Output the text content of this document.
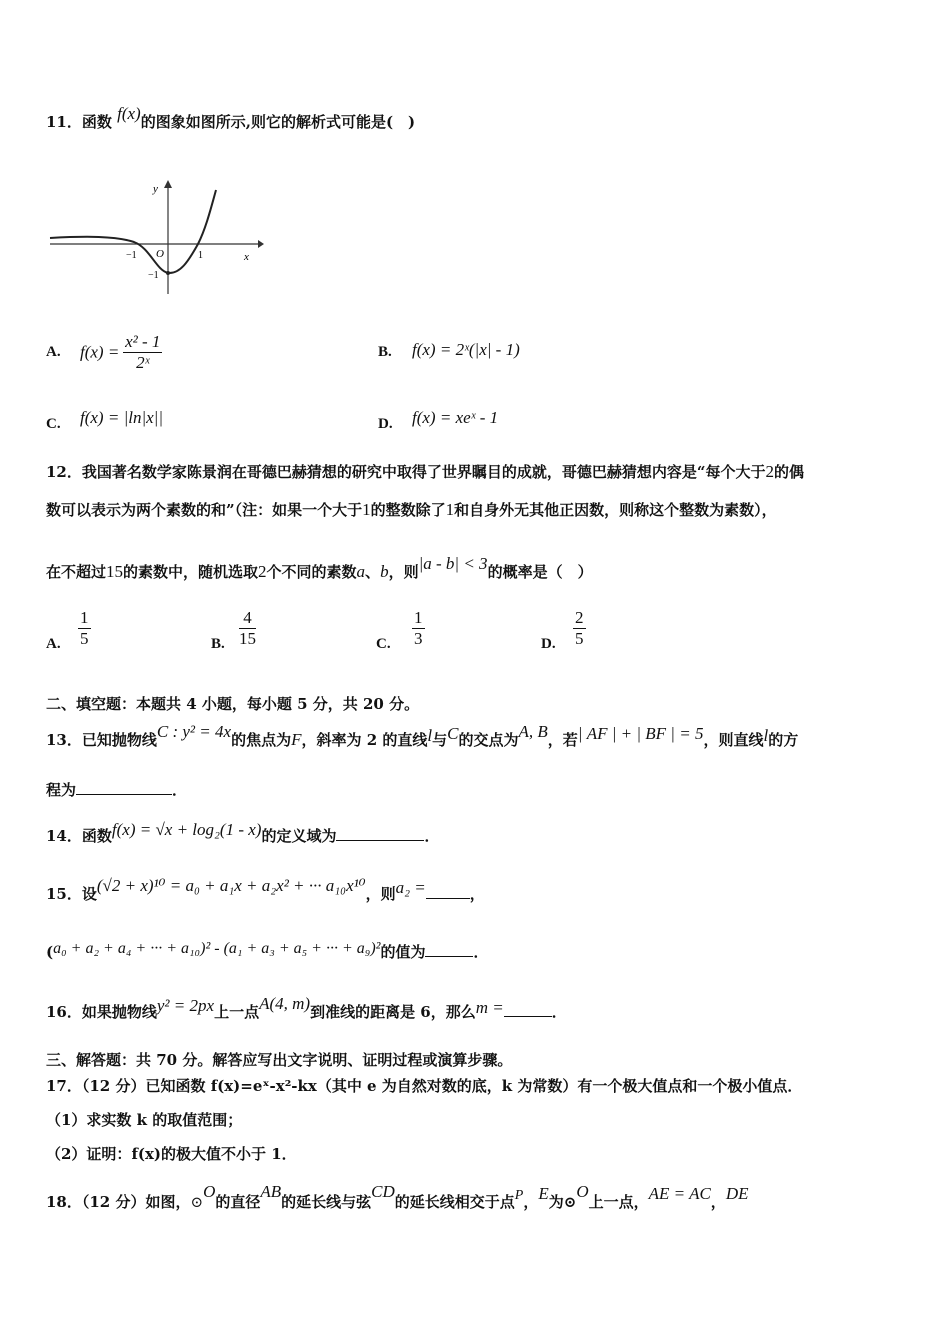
11．函数 f(x)的图象如图所示,则它的解析式可能是(　)
y
x
O
−1	1
−1
A. $f(x) = \frac{\text{x² - 1}}{\text{2ˣ}}$	B. f(x) = 2ˣ(|x| - 1)
C. f(x) = |ln|x||	D. f(x) = xeˣ - 1
12．我国著名数学家陈景润在哥德巴赫猜想的研究中取得了世界瞩目的成就，哥德巴赫猜想内容是“每个大于2的偶
数可以表示为两个素数的和”（注：如果一个大于1的整数除了1和自身外无其他正因数，则称这个整数为素数），
在不超过15的素数中，随机选取2个不同的素数a、b，则|a - b| < 3的概率是（　）
A. $\frac{1}{5}$	B. $\frac{4}{15}$	C. $\frac{1}{3}$	D. $\frac{2}{5}$
二、填空题：本题共 4 小题，每小题 5 分，共 20 分。
13．已知抛物线C : y² = 4x的焦点为F，斜率为 2 的直线l与C的交点为A, B，若| AF | + | BF | = 5，则直线l的方
程为	．
14．函数f(x) = √x + log₂(1 - x)的定义域为	．
15．设(√2 + x)¹⁰ = a₀ + a₁x + a₂x² + ··· a₁₀x¹⁰，则a₂ =	，
(a₀ + a₂ + a₄ + ··· + a₁₀)² - (a₁ + a₃ + a₅ + ··· + a₉)²的值为	．
16．如果抛物线y² = 2px上一点A(4, m)到准线的距离是 6，那么m =	．
三、解答题：共 70 分。解答应写出文字说明、证明过程或演算步骤。
17．（12 分）已知函数 f(x)=eˣ-x²-kx（其中 e 为自然对数的底，k 为常数）有一个极大值点和一个极小值点．
（1）求实数 k 的取值范围；
（2）证明：f(x)的极大值不小于 1．
18．（12 分）如图，⊙O的直径AB的延长线与弦CD的延长线相交于点P，E为⊙O上一点，AE = AC，DE
